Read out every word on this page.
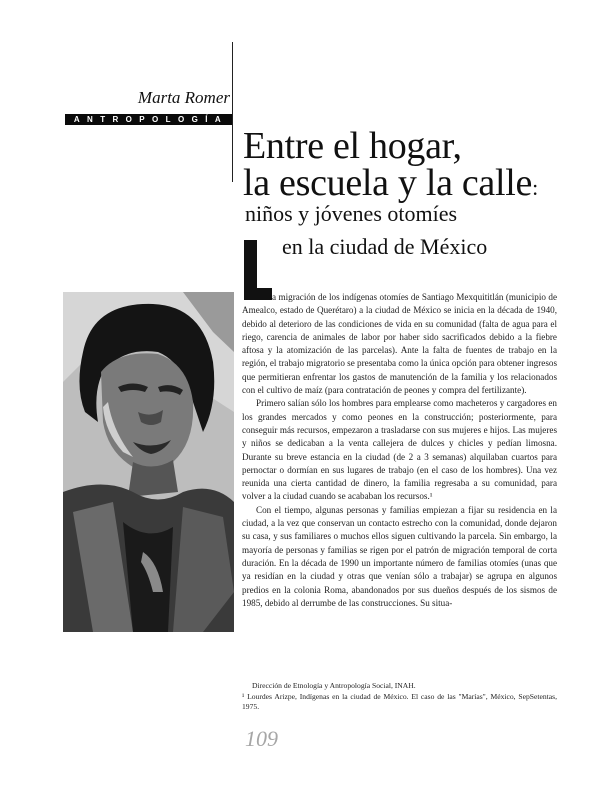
Marta Romer
ANTROPOLOGÍA
Entre el hogar,
la escuela y la calle:
niños y jóvenes otomíes
en la ciudad de México

a migración de los indígenas otomíes de Santiago Mexquititlán (municipio de Amealco, estado de Querétaro) a la ciudad de México se inicia en la década de 1940, debido al deterioro de las condiciones de vida en su comunidad (falta de agua para el riego, carencia de animales de labor por haber sido sacrificados debido a la fiebre aftosa y la atomización de las parcelas). Ante la falta de fuentes de trabajo en la región, el trabajo migratorio se presentaba como la única opción para obtener ingresos que permitieran enfrentar los gastos de manutención de la familia y los relacionados con el cultivo de maíz (para contratación de peones y compra del fertilizante).

Primero salían sólo los hombres para emplearse como macheteros y cargadores en los grandes mercados y como peones en la construcción; posteriormente, para conseguir más recursos, empezaron a trasladarse con sus mujeres e hijos. Las mujeres y niños se dedicaban a la venta callejera de dulces y chicles y pedían limosna. Durante su breve estancia en la ciudad (de 2 a 3 semanas) alquilaban cuartos para pernoctar o dormían en sus lugares de trabajo (en el caso de los hombres). Una vez reunida una cierta cantidad de dinero, la familia regresaba a su comunidad, para volver a la ciudad cuando se acababan los recursos.¹

Con el tiempo, algunas personas y familias empiezan a fijar su residencia en la ciudad, a la vez que conservan un contacto estrecho con la comunidad, donde dejaron su casa, y sus familiares o muchos ellos siguen cultivando la parcela. Sin embargo, la mayoría de personas y familias se rigen por el patrón de migración temporal de corta duración. En la década de 1990 un importante número de familias otomíes (unas que ya residían en la ciudad y otras que venían sólo a trabajar) se agrupa en algunos predios en la colonia Roma, abandonados por sus dueños después de los sismos de 1985, debido al derrumbe de las construcciones. Su situa-

Dirección de Etnología y Antropología Social, INAH.

¹ Lourdes Arizpe, Indígenas en la ciudad de México. El caso de las "Marías", México, SepSetentas, 1975.

109
